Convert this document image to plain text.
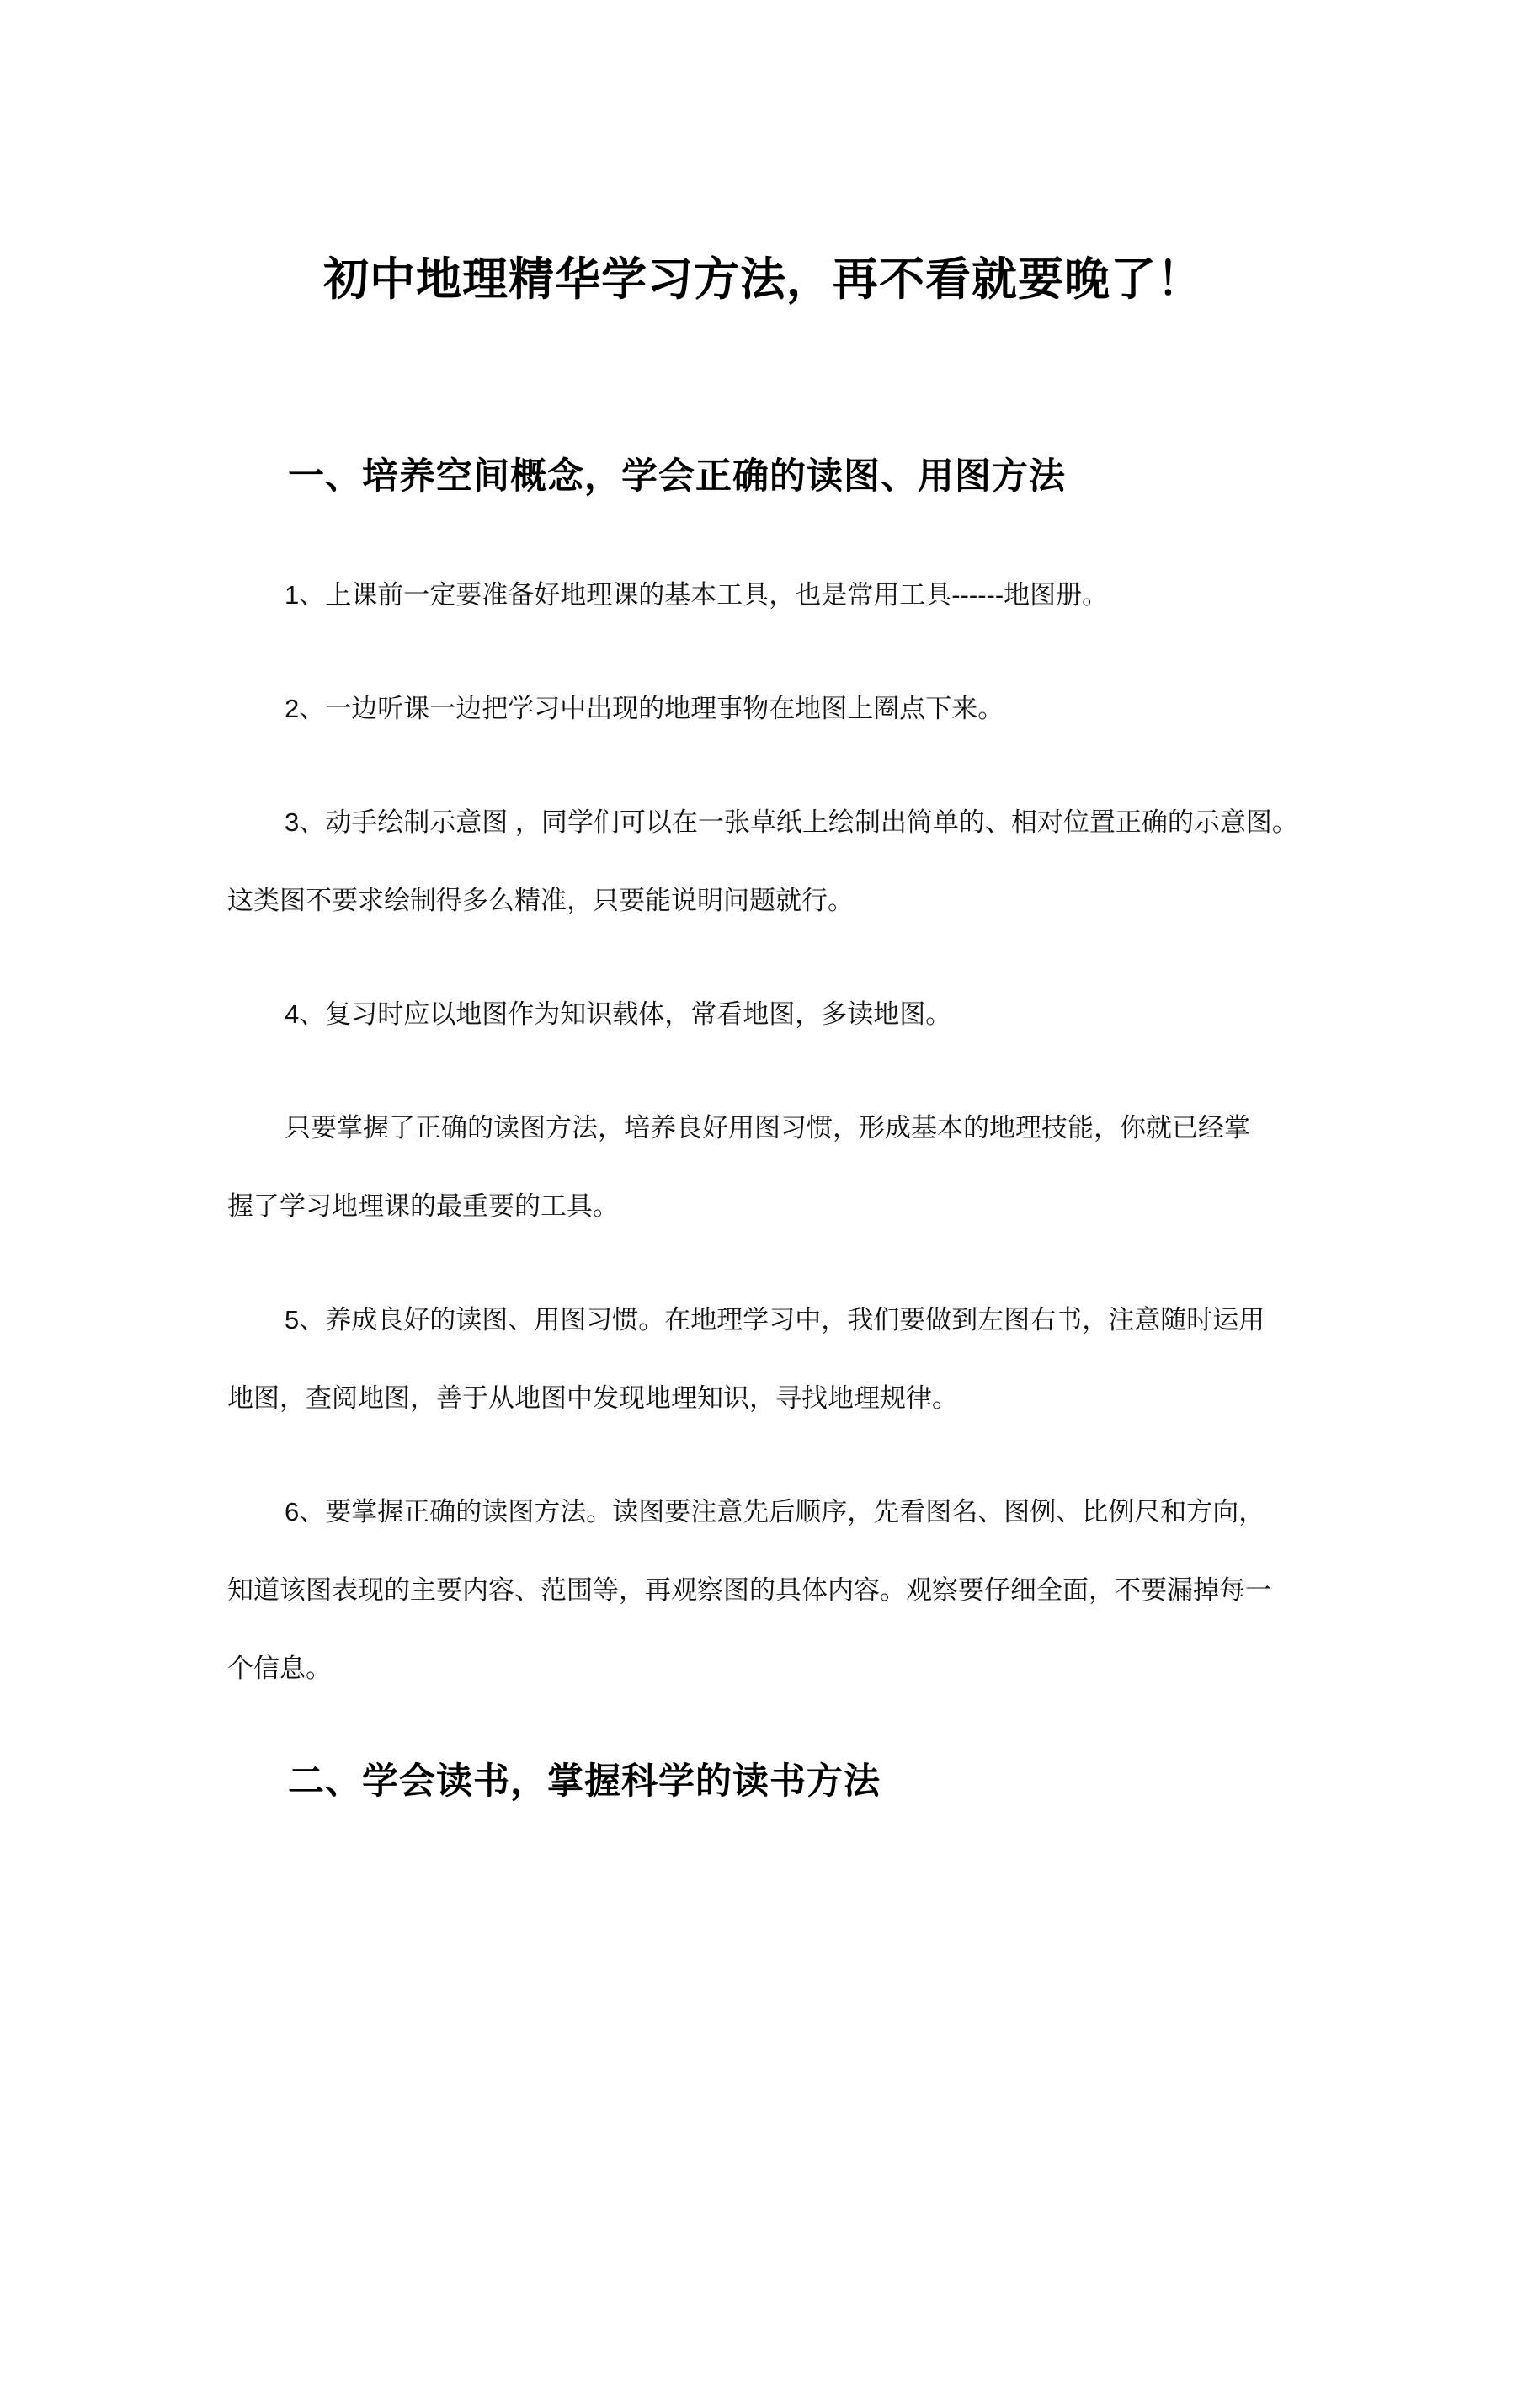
初中地理精华学习方法，再不看就要晚了！
一、培养空间概念，学会正确的读图、用图方法

1、上课前一定要准备好地理课的基本工具，也是常用工具------地图册。

2、一边听课一边把学习中出现的地理事物在地图上圈点下来。

3、动手绘制示意图 ，同学们可以在一张草纸上绘制出简单的、相对位置正确的示意图。
这类图不要求绘制得多么精准，只要能说明问题就行。

4、复习时应以地图作为知识载体，常看地图，多读地图。

只要掌握了正确的读图方法，培养良好用图习惯，形成基本的地理技能，你就已经掌
握了学习地理课的最重要的工具。

5、养成良好的读图、用图习惯。在地理学习中，我们要做到左图右书，注意随时运用
地图，查阅地图，善于从地图中发现地理知识，寻找地理规律。

6、要掌握正确的读图方法。读图要注意先后顺序，先看图名、图例、比例尺和方向，
知道该图表现的主要内容、范围等，再观察图的具体内容。观察要仔细全面，不要漏掉每一
个信息。

二、学会读书，掌握科学的读书方法
